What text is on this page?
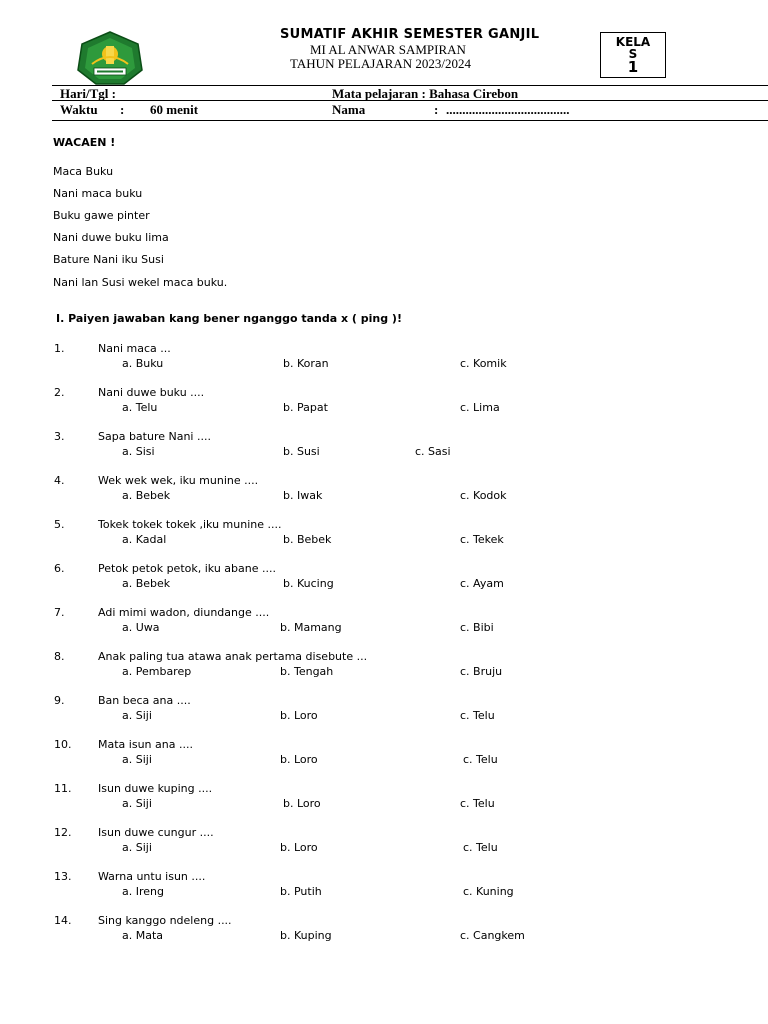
SUMATIF AKHIR SEMESTER GANJIL
MI AL ANWAR SAMPIRAN
TAHUN PELAJARAN 2023/2024
KELA
S
1
Hari/Tgl :	Mata pelajaran : Bahasa Cirebon
Waktu : 60 menit	Nama	: ......................................
WACAEN !
Maca Buku
Nani maca buku
Buku gawe pinter
Nani duwe buku lima
Bature Nani iku Susi
Nani lan Susi wekel maca buku.
I. Paiyen jawaban kang bener nganggo tanda x ( ping )!
1.	Nani maca ...
a. Buku	b. Koran	c. Komik
2.	Nani duwe buku ....
a. Telu	b. Papat	c. Lima
3.	Sapa bature Nani ....
a. Sisi	b. Susi	c. Sasi
4.	Wek wek wek, iku munine ....
a. Bebek	b. Iwak	c. Kodok
5.	Tokek tokek tokek ,iku munine ....
a. Kadal	b. Bebek	c. Tekek
6.	Petok petok petok, iku abane ....
a. Bebek	b. Kucing	c. Ayam
7.	Adi mimi wadon, diundange ....
a. Uwa	b. Mamang	c. Bibi
8.	Anak paling tua atawa anak pertama disebute ...
a. Pembarep	b. Tengah	c. Bruju
9.	Ban beca ana ....
a. Siji	b. Loro	c. Telu
10. Mata isun ana ....
a. Siji	b. Loro	c. Telu
11. Isun duwe kuping ....
a. Siji	b. Loro	c. Telu
12. Isun duwe cungur ....
a. Siji	b. Loro	c. Telu
13. Warna untu isun ....
a. Ireng	b. Putih	c. Kuning
14. Sing kanggo ndeleng ....
a. Mata	b. Kuping	c. Cangkem
